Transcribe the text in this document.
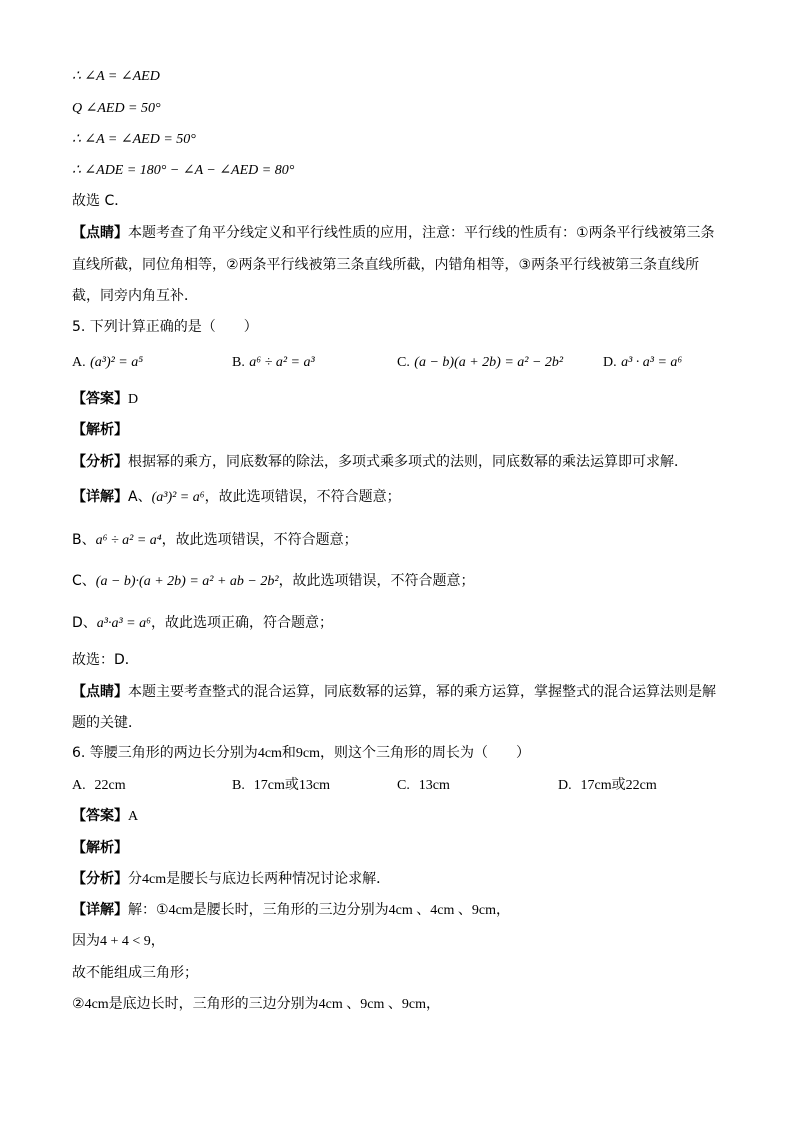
∴ ∠A = ∠AED
Q ∠AED = 50°
∴ ∠A = ∠AED = 50°
∴ ∠ADE = 180° − ∠A − ∠AED = 80°
故选 C．
【点睛】本题考查了角平分线定义和平行线性质的应用，注意：平行线的性质有：①两条平行线被第三条
直线所截，同位角相等，②两条平行线被第三条直线所截，内错角相等，③两条平行线被第三条直线所
截，同旁内角互补．
5. 下列计算正确的是（　　）
A. (a³)² = a⁵	B. a⁶ ÷ a² = a³	C. (a − b)(a + 2b) = a² − 2b²	D. a³ · a³ = a⁶
【答案】D
【解析】
【分析】根据幂的乘方，同底数幂的除法，多项式乘多项式的法则，同底数幂的乘法运算即可求解．
【详解】A、(a³)² = a⁶，故此选项错误，不符合题意；
B、a⁶ ÷ a² = a⁴，故此选项错误，不符合题意；
C、(a − b)·(a + 2b) = a² + ab − 2b²，故此选项错误，不符合题意；
D、a³·a³ = a⁶，故此选项正确，符合题意；
故选：D．
【点睛】本题主要考查整式的混合运算，同底数幂的运算，幂的乘方运算，掌握整式的混合运算法则是解
题的关键．
6. 等腰三角形的两边长分别为4cm和9cm，则这个三角形的周长为（　　）
A. 22cm	B. 17cm或13cm	C. 13cm	D. 17cm或22cm
【答案】A
【解析】
【分析】分4cm是腰长与底边长两种情况讨论求解．
【详解】解：①4cm是腰长时，三角形的三边分别为4cm 、4cm 、9cm，
因为4 + 4 < 9，
故不能组成三角形；
②4cm是底边长时，三角形的三边分别为4cm 、9cm 、9cm，
